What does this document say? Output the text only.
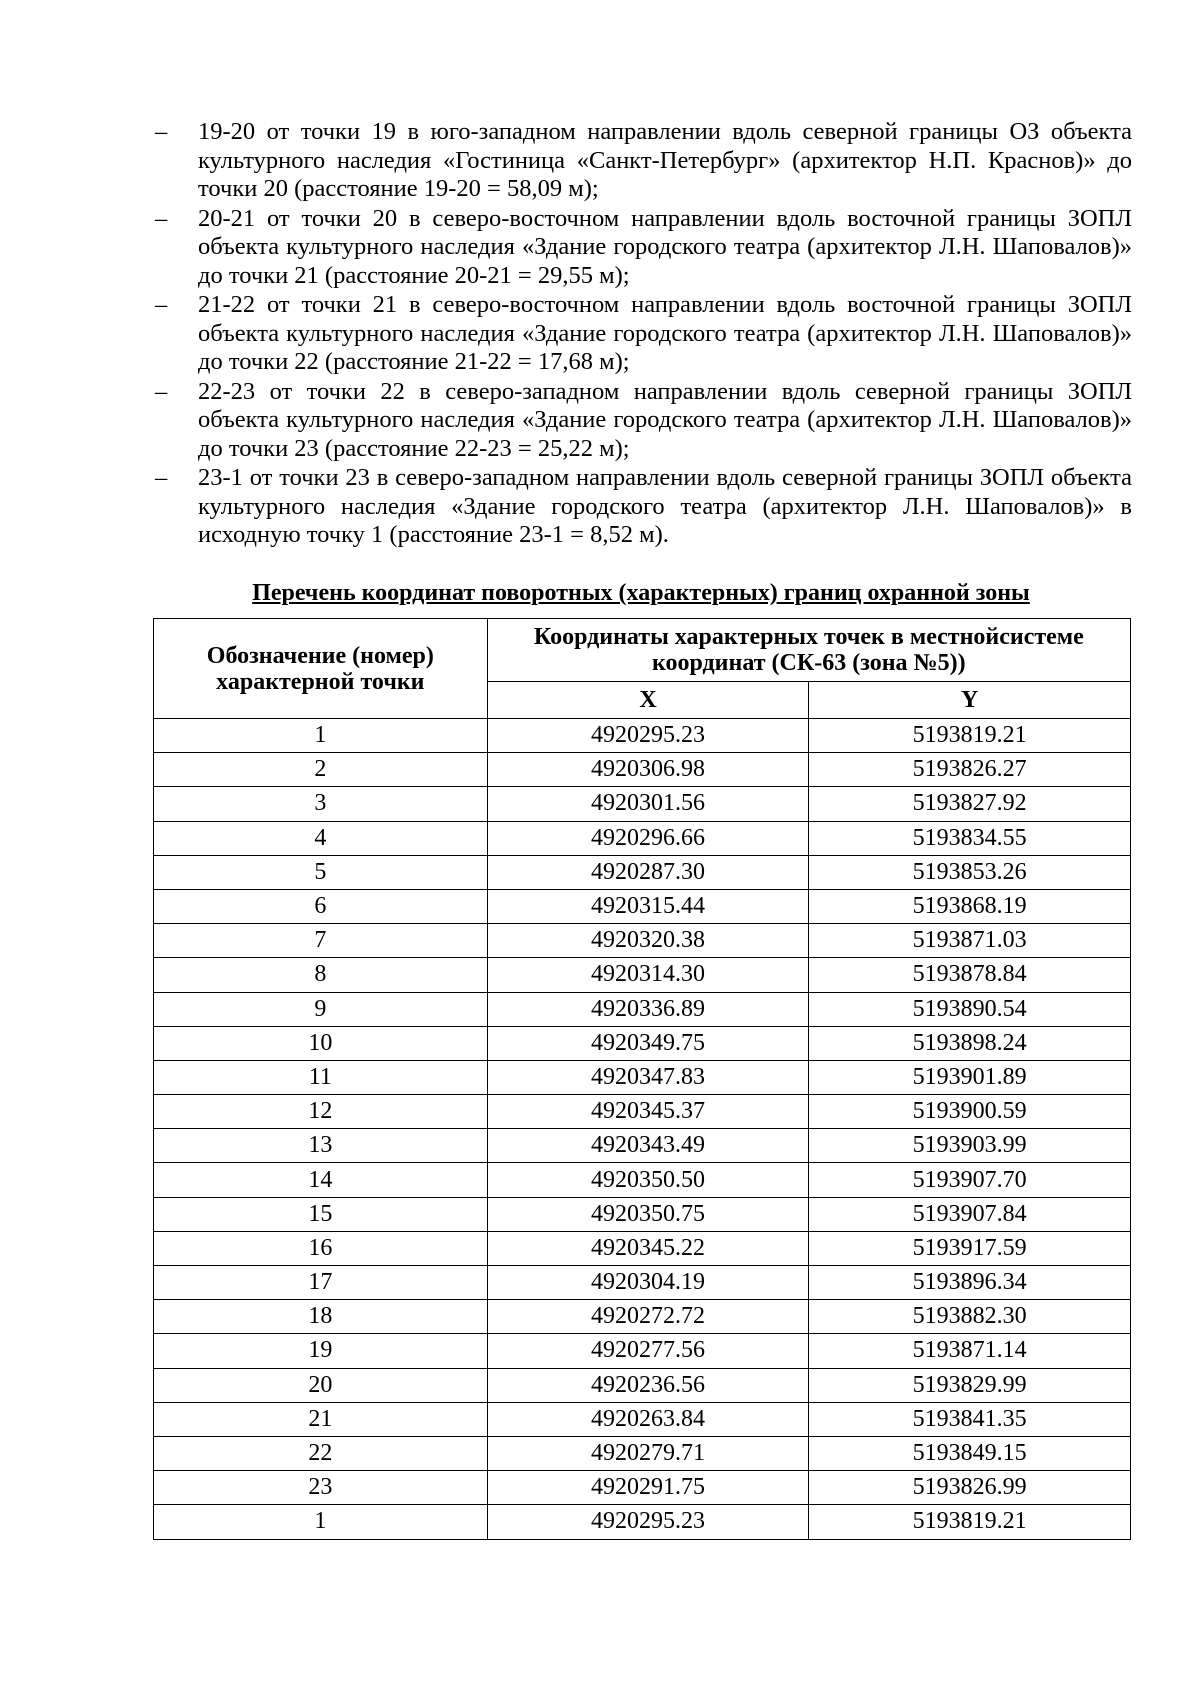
– 19-20 от точки 19 в юго-западном направлении вдоль северной границы ОЗ объекта культурного наследия «Гостиница «Санкт-Петербург» (архитектор Н.П. Краснов)» до точки 20 (расстояние 19-20 = 58,09 м);
– 20-21 от точки 20 в северо-восточном направлении вдоль восточной границы ЗОПЛ объекта культурного наследия «Здание городского театра (архитектор Л.Н. Шаповалов)» до точки 21 (расстояние 20-21 = 29,55 м);
– 21-22 от точки 21 в северо-восточном направлении вдоль восточной границы ЗОПЛ объекта культурного наследия «Здание городского театра (архитектор Л.Н. Шаповалов)» до точки 22 (расстояние 21-22 = 17,68 м);
– 22-23 от точки 22 в северо-западном направлении вдоль северной границы ЗОПЛ объекта культурного наследия «Здание городского театра (архитектор Л.Н. Шаповалов)» до точки 23 (расстояние 22-23 = 25,22 м);
– 23-1 от точки 23 в северо-западном направлении вдоль северной границы ЗОПЛ объекта культурного наследия «Здание городского театра (архитектор Л.Н. Шаповалов)» в исходную точку 1 (расстояние 23-1 = 8,52 м).
Перечень координат поворотных (характерных) границ охранной зоны
Обозначение (номер) характерной точки	Координаты характерных точек в местнойсистеме координат (СК-63 (зона №5))	
	X	Y
1	4920295.23	5193819.21
2	4920306.98	5193826.27
3	4920301.56	5193827.92
4	4920296.66	5193834.55
5	4920287.30	5193853.26
6	4920315.44	5193868.19
7	4920320.38	5193871.03
8	4920314.30	5193878.84
9	4920336.89	5193890.54
10	4920349.75	5193898.24
11	4920347.83	5193901.89
12	4920345.37	5193900.59
13	4920343.49	5193903.99
14	4920350.50	5193907.70
15	4920350.75	5193907.84
16	4920345.22	5193917.59
17	4920304.19	5193896.34
18	4920272.72	5193882.30
19	4920277.56	5193871.14
20	4920236.56	5193829.99
21	4920263.84	5193841.35
22	4920279.71	5193849.15
23	4920291.75	5193826.99
1	4920295.23	5193819.21
